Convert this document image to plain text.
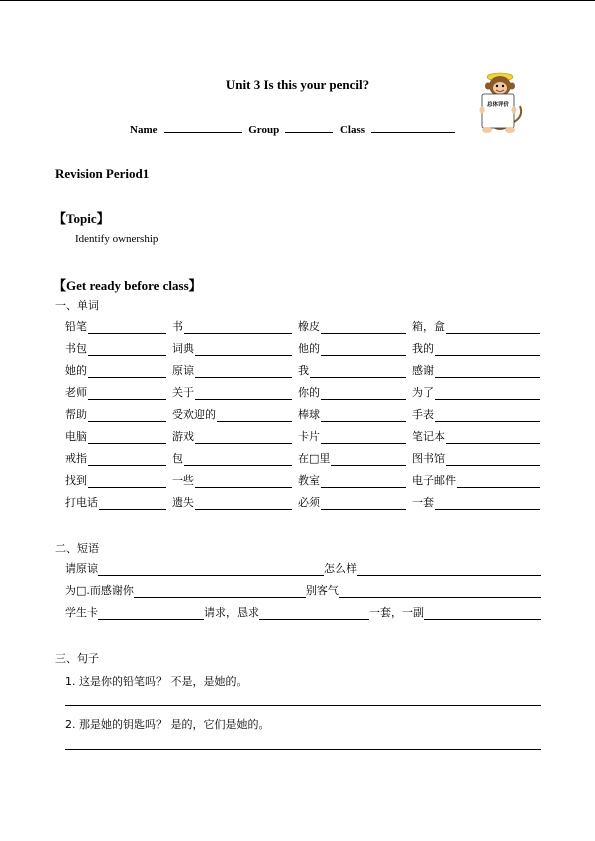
Unit 3 Is this your pencil?
Name	Group	Class
总体评价
Revision Period1
【Topic】
Identify ownership
【Get ready before class】
一、单词
铅笔	书	橡皮	箱，盒
书包	词典	他的	我的
她的	原谅	我	感谢
老师	关于	你的	为了
帮助	受欢迎的	棒球	手表
电脑	游戏	卡片	笔记本
戒指	包	在□里	图书馆
找到	一些	教室	电子邮件
打电话	遗失	必须	一套
二、短语
请原谅	怎么样
为□.而感谢你	别客气
学生卡	请求，恳求	一套，一副
三、句子
1. 这是你的铅笔吗？ 不是，是她的。
2. 那是她的钥匙吗？ 是的，它们是她的。
